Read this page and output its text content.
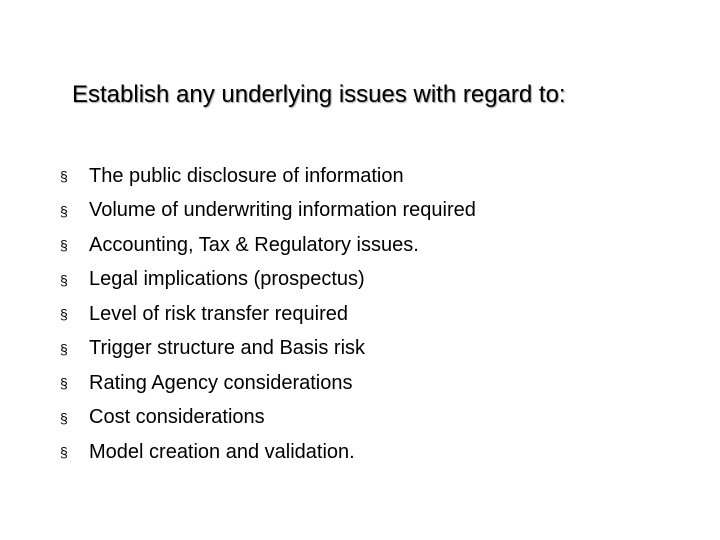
Establish any underlying issues with regard to:
§	The public disclosure of information
§	Volume of underwriting information required
§	Accounting, Tax & Regulatory issues.
§	Legal implications (prospectus)
§	Level of risk transfer required
§	Trigger structure and Basis risk
§	Rating Agency considerations
§	Cost considerations
§	Model creation and validation.
